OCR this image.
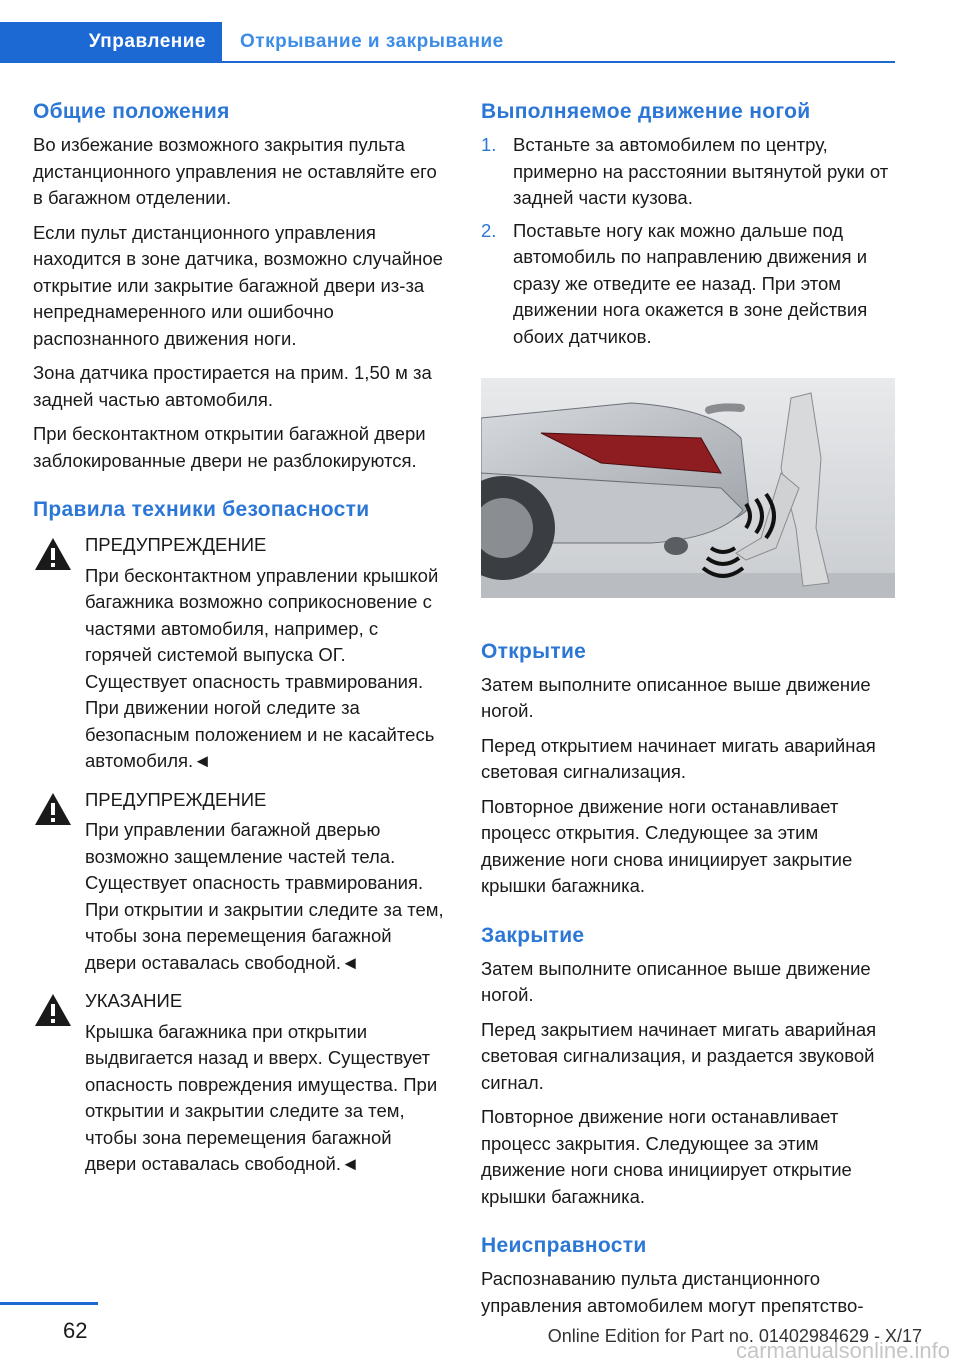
Управление	Открывание и закрывание
Общие положения

Во избежание возможного закрытия пульта дистанционного управления не оставляйте его в багажном отделении.

Если пульт дистанционного управления находится в зоне датчика, возможно случайное открытие или закрытие багажной двери из-за непреднамеренного или ошибочно распознанного движения ноги.

Зона датчика простирается на прим. 1,50 м за задней частью автомобиля.

При бесконтактном открытии багажной двери заблокированные двери не разблокируются.

Правила техники безопасности

ПРЕДУПРЕЖДЕНИЕ

При бесконтактном управлении крышкой багажника возможно соприкосновение с частями автомобиля, например, с горячей системой выпуска ОГ. Существует опасность травмирования. При движении ногой следите за безопасным положением и не касайтесь автомобиля.◄

ПРЕДУПРЕЖДЕНИЕ

При управлении багажной дверью возможно защемление частей тела. Существует опасность травмирования. При открытии и закрытии следите за тем, чтобы зона перемещения багажной двери оставалась свободной.◄

УКАЗАНИЕ

Крышка багажника при открытии выдвигается назад и вверх. Существует опасность повреждения имущества. При открытии и закрытии следите за тем, чтобы зона перемещения багажной двери оставалась свободной.◄

Выполняемое движение ногой
1. Встаньте за автомобилем по центру, примерно на расстоянии вытянутой руки от задней части кузова.
2. Поставьте ногу как можно дальше под автомобиль по направлению движения и сразу же отведите ее назад. При этом движении нога окажется в зоне действия обоих датчиков.
Открытие

Затем выполните описанное выше движение ногой.

Перед открытием начинает мигать аварийная световая сигнализация.

Повторное движение ноги останавливает процесс открытия. Следующее за этим движение ноги снова инициирует закрытие крышки багажника.

Закрытие

Затем выполните описанное выше движение ногой.

Перед закрытием начинает мигать аварийная световая сигнализация, и раздается звуковой сигнал.

Повторное движение ноги останавливает процесс закрытия. Следующее за этим движение ноги снова инициирует открытие крышки багажника.

Неисправности

Распознаванию пульта дистанционного управления автомобилем могут препятство-

62	Online Edition for Part no. 01402984629 - X/17
carmanualsonline.info
